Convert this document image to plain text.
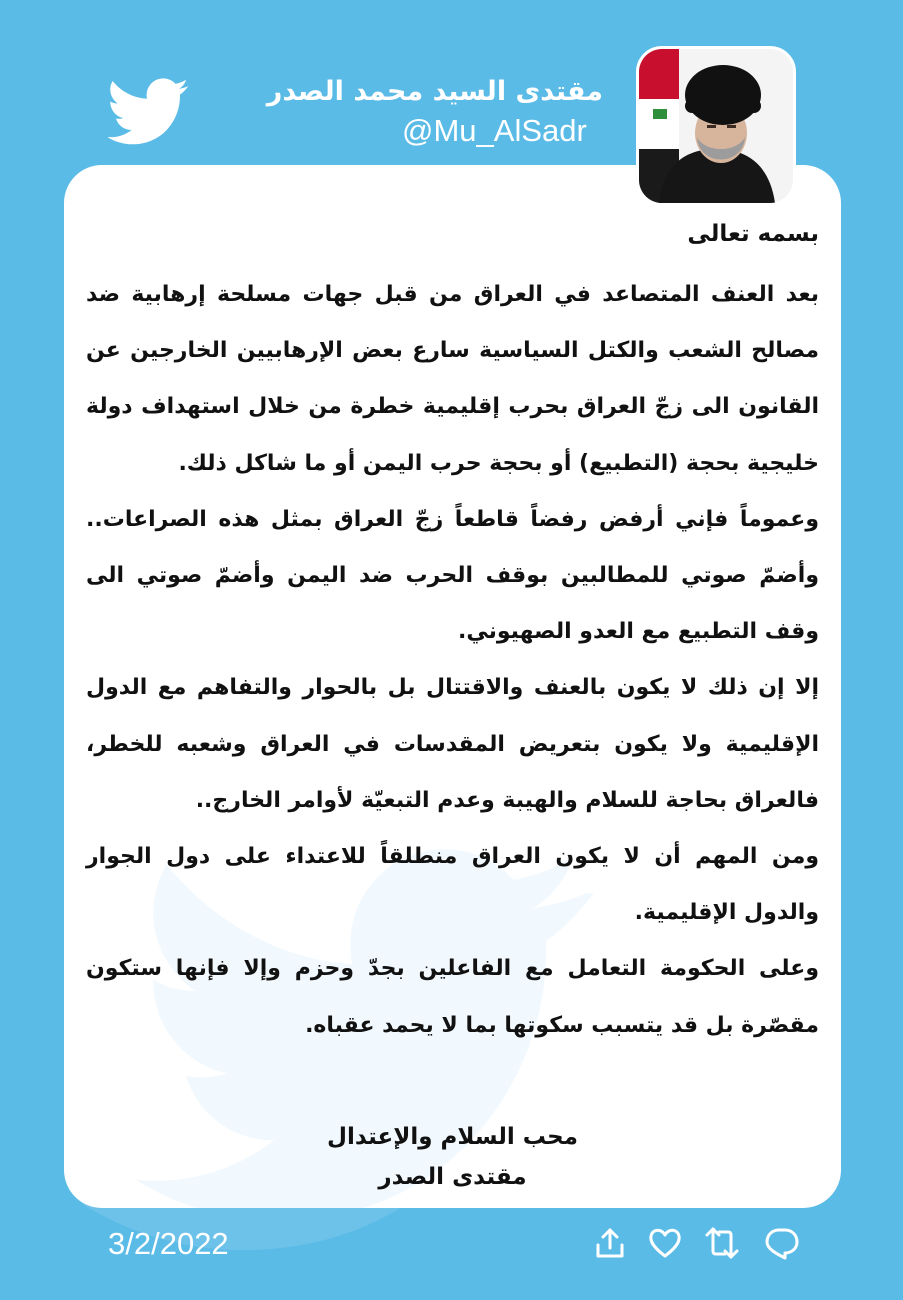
مقتدى السيد محمد الصدر
@Mu_AlSadr

بسمه تعالى

بعد العنف المتصاعد في العراق من قبل جهات مسلحة إرهابية ضد مصالح الشعب والكتل السياسية سارع بعض الإرهابيين الخارجين عن القانون الى زجّ العراق بحرب إقليمية خطرة من خلال استهداف دولة خليجية بحجة (التطبيع) أو بحجة حرب اليمن أو ما شاكل ذلك.

وعموماً فإني أرفض رفضاً قاطعاً زجّ العراق بمثل هذه الصراعات.. وأضمّ صوتي للمطالبين بوقف الحرب ضد اليمن وأضمّ صوتي الى وقف التطبيع مع العدو الصهيوني.

إلا إن ذلك لا يكون بالعنف والاقتتال بل بالحوار والتفاهم مع الدول الإقليمية ولا يكون بتعريض المقدسات في العراق وشعبه للخطر، فالعراق بحاجة للسلام والهيبة وعدم التبعيّة لأوامر الخارج..

ومن المهم أن لا يكون العراق منطلقاً للاعتداء على دول الجوار والدول الإقليمية.

وعلى الحكومة التعامل مع الفاعلين بجدّ وحزم وإلا فإنها ستكون مقصّرة بل قد يتسبب سكوتها بما لا يحمد عقباه.

محب السلام والإعتدال
مقتدى الصدر
3/2/2022
